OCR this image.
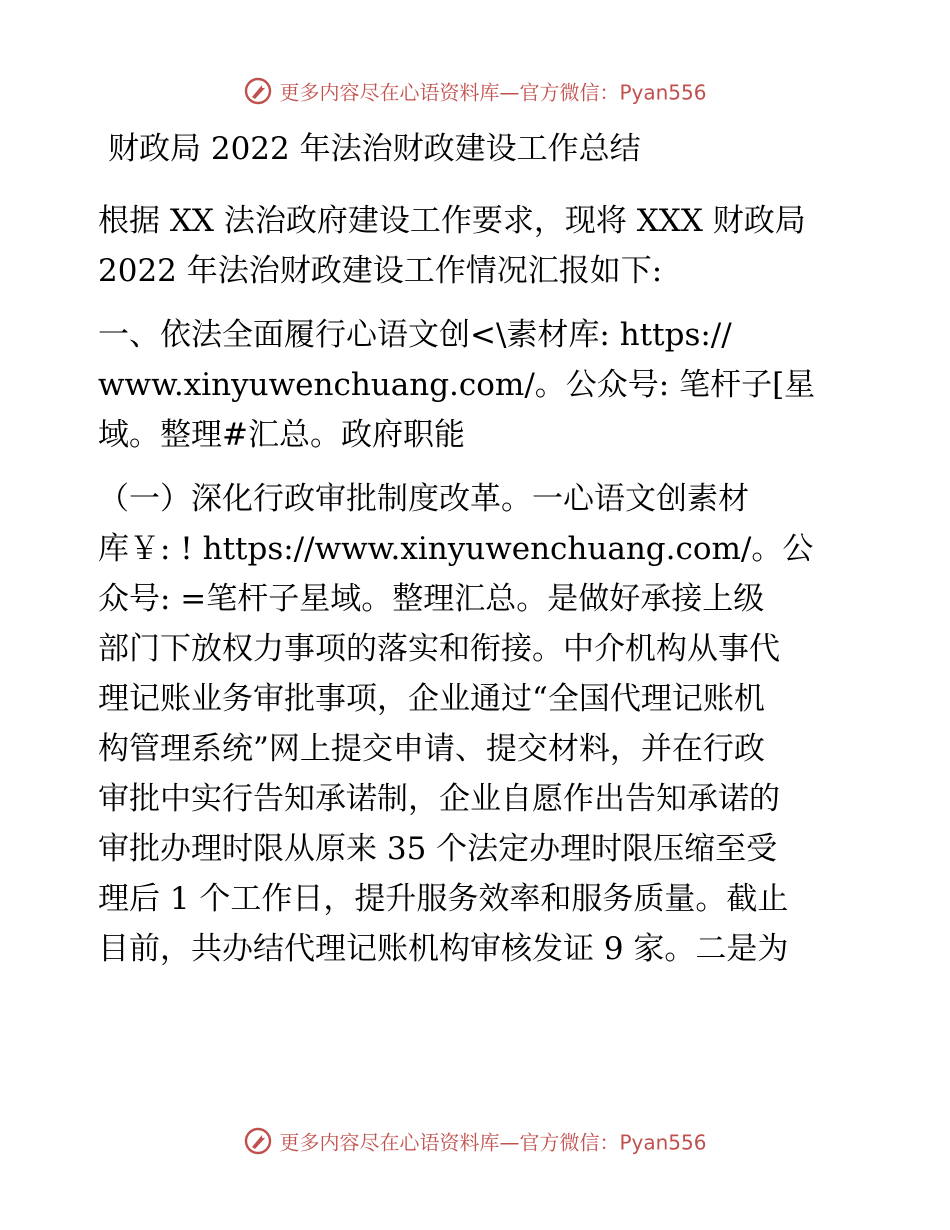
更多内容尽在心语资料库—官方微信：Pyan556
财政局 2022 年法治财政建设工作总结
根据 XX 法治政府建设工作要求，现将 XXX 财政局
2022 年法治财政建设工作情况汇报如下:
一、依法全面履行心语文创<\素材库: https://
www.xinyuwenchuang.com/。公众号: 笔杆子[星
域。整理#汇总。政府职能
（一）深化行政审批制度改革。一心语文创素材
库￥: ! https://www.xinyuwenchuang.com/。公
众号: =笔杆子星域。整理汇总。是做好承接上级
部门下放权力事项的落实和衔接。中介机构从事代
理记账业务审批事项，企业通过“全国代理记账机
构管理系统”网上提交申请、提交材料，并在行政
审批中实行告知承诺制，企业自愿作出告知承诺的
审批办理时限从原来 35 个法定办理时限压缩至受
理后 1 个工作日，提升服务效率和服务质量。截止
目前，共办结代理记账机构审核发证 9 家。二是为
更多内容尽在心语资料库—官方微信：Pyan556
